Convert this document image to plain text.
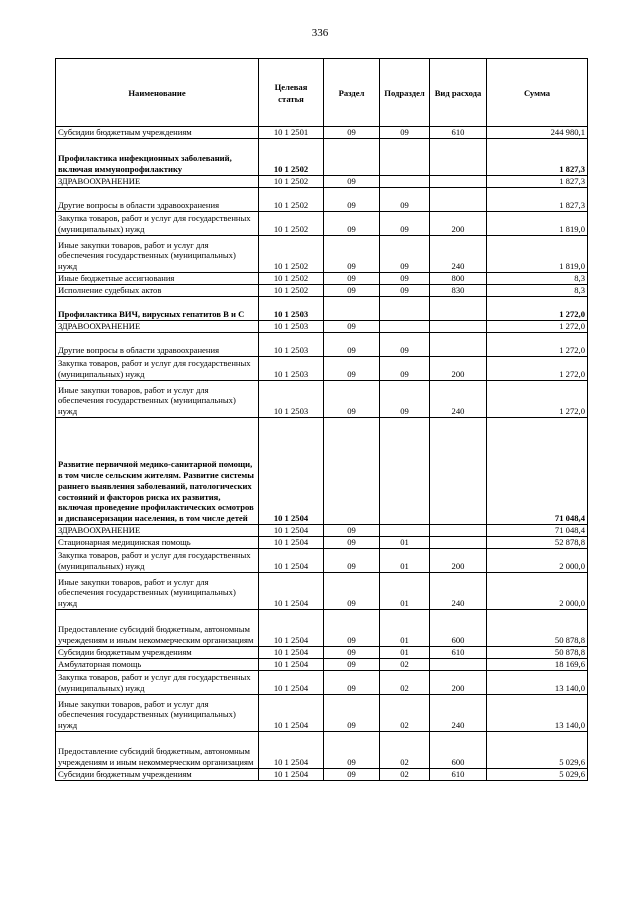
336
Наименование	Целевая статья	Раздел	Подраздел	Вид расхода	Сумма
Субсидии бюджетным учреждениям	10 1 2501	09	09	610	244 980,1
Профилактика инфекционных заболеваний, включая иммунопрофилактику	10 1 2502				1 827,3
ЗДРАВООХРАНЕНИЕ	10 1 2502	09			1 827,3
Другие вопросы в области здравоохранения	10 1 2502	09	09		1 827,3
Закупка товаров, работ и услуг для государственных (муниципальных) нужд	10 1 2502	09	09	200	1 819,0
Иные закупки товаров, работ и услуг для обеспечения государственных (муниципальных) нужд	10 1 2502	09	09	240	1 819,0
Иные бюджетные ассигнования	10 1 2502	09	09	800	8,3
Исполнение судебных актов	10 1 2502	09	09	830	8,3
Профилактика ВИЧ, вирусных гепатитов В и С	10 1 2503				1 272,0
ЗДРАВООХРАНЕНИЕ	10 1 2503	09			1 272,0
Другие вопросы в области здравоохранения	10 1 2503	09	09		1 272,0
Закупка товаров, работ и услуг для государственных (муниципальных) нужд	10 1 2503	09	09	200	1 272,0
Иные закупки товаров, работ и услуг для обеспечения государственных (муниципальных) нужд	10 1 2503	09	09	240	1 272,0
Развитие первичной медико-санитарной помощи, в том числе сельским жителям. Развитие системы раннего выявления заболеваний, патологических состояний и факторов риска их развития, включая проведение профилактических осмотров и диспансеризации населения, в том числе детей	10 1 2504				71 048,4
ЗДРАВООХРАНЕНИЕ	10 1 2504	09			71 048,4
Стационарная медицинская помощь	10 1 2504	09	01		52 878,8
Закупка товаров, работ и услуг для государственных (муниципальных) нужд	10 1 2504	09	01	200	2 000,0
Иные закупки товаров, работ и услуг для обеспечения государственных (муниципальных) нужд	10 1 2504	09	01	240	2 000,0
Предоставление субсидий бюджетным, автономным учреждениям и иным некоммерческим организациям	10 1 2504	09	01	600	50 878,8
Субсидии бюджетным учреждениям	10 1 2504	09	01	610	50 878,8
Амбулаторная помощь	10 1 2504	09	02		18 169,6
Закупка товаров, работ и услуг для государственных (муниципальных) нужд	10 1 2504	09	02	200	13 140,0
Иные закупки товаров, работ и услуг для обеспечения государственных (муниципальных) нужд	10 1 2504	09	02	240	13 140,0
Предоставление субсидий бюджетным, автономным учреждениям и иным некоммерческим организациям	10 1 2504	09	02	600	5 029,6
Субсидии бюджетным учреждениям	10 1 2504	09	02	610	5 029,6
